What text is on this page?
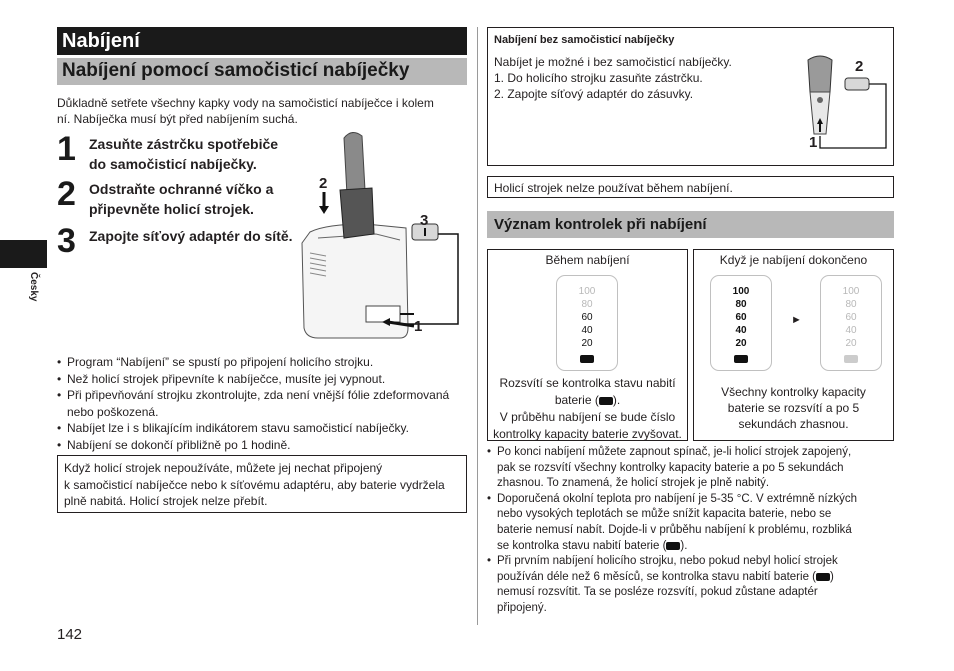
Nabíjení
Nabíjení pomocí samočisticí nabíječky
Důkladně setřete všechny kapky vody na samočisticí nabíječce i kolem
ní. Nabíječka musí být před nabíjením suchá.
1 Zasuňte zástrčku spotřebiče do samočisticí nabíječky.
2 Odstraňte ochranné víčko a připevněte holicí strojek.
3 Zapojte síťový adaptér do sítě.
2
3
1
• Program “Nabíjení” se spustí po připojení holicího strojku.
• Než holicí strojek připevníte k nabíječce, musíte jej vypnout.
• Při připevňování strojku zkontrolujte, zda není vnější fólie zdeformovaná
nebo poškozená.
• Nabíjet lze i s blikajícím indikátorem stavu samočisticí nabíječky.
• Nabíjení se dokončí přibližně po 1 hodině.
Když holicí strojek nepoužíváte, můžete jej nechat připojený
k samočisticí nabíječce nebo k síťovému adaptéru, aby baterie vydržela
plně nabitá. Holicí strojek nelze přebít.
Česky
142
Nabíjení bez samočisticí nabíječky
Nabíjet je možné i bez samočisticí nabíječky.
1. Do holicího strojku zasuňte zástrčku.
2. Zapojte síťový adaptér do zásuvky.
2
1
Holicí strojek nelze používat během nabíjení.
Význam kontrolek při nabíjení
Během nabíjení
100
80
60
40
20
Rozsvítí se kontrolka stavu nabití
baterie ( ).
V průběhu nabíjení se bude číslo
kontrolky kapacity baterie zvyšovat.
Když je nabíjení dokončeno
100
80
60
40
20
►
100
80
60
40
20
Všechny kontrolky kapacity
baterie se rozsvítí a po 5
sekundách zhasnou.
• Po konci nabíjení můžete zapnout spínač, je-li holicí strojek zapojený,
pak se rozsvítí všechny kontrolky kapacity baterie a po 5 sekundách
zhasnou. To znamená, že holicí strojek je plně nabitý.
• Doporučená okolní teplota pro nabíjení je 5-35 °C. V extrémně nízkých
nebo vysokých teplotách se může snížit kapacita baterie, nebo se
baterie nemusí nabít. Dojde-li v průběhu nabíjení k problému, rozbliká
se kontrolka stavu nabití baterie ( ).
• Při prvním nabíjení holicího strojku, nebo pokud nebyl holicí strojek
používán déle než 6 měsíců, se kontrolka stavu nabití baterie ( )
nemusí rozsvítit. Ta se posléze rozsvítí, pokud zůstane adaptér
připojený.
